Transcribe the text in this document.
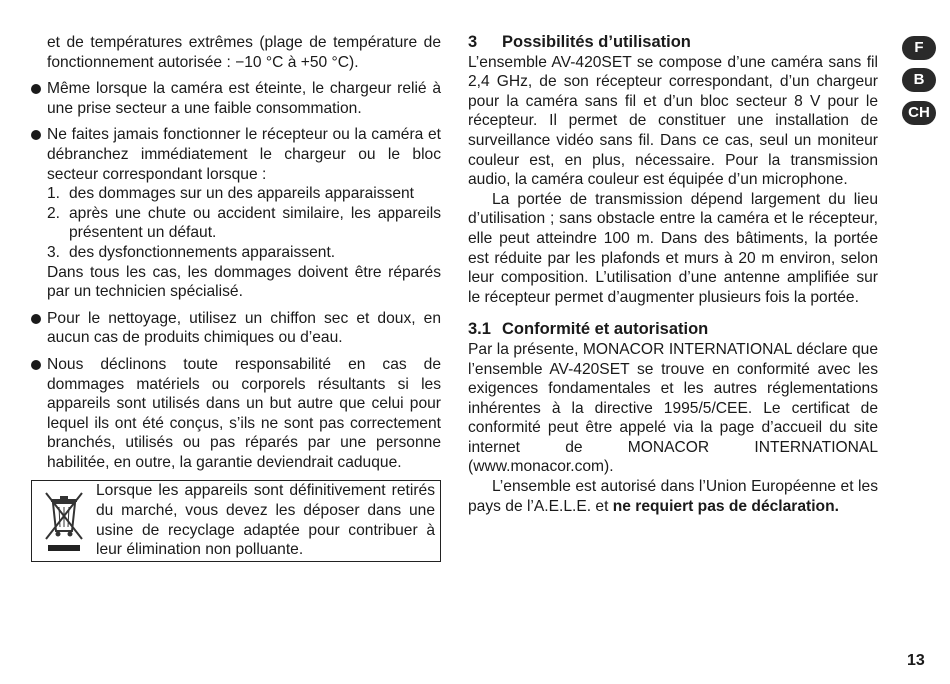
et de températures extrêmes (plage de température de fonctionnement autorisée : −10 °C à +50 °C).

Même lorsque la caméra est éteinte, le chargeur relié à une prise secteur a une faible consommation.

Ne faites jamais fonctionner le récepteur ou la caméra et débranchez immédiatement le chargeur ou le bloc secteur correspondant lorsque :

1. des dommages sur un des appareils apparaissent

2. après une chute ou accident similaire, les appareils présentent un défaut.

3. des dysfonctionnements apparaissent.

Dans tous les cas, les dommages doivent être réparés par un technicien spécialisé.

Pour le nettoyage, utilisez un chiffon sec et doux, en aucun cas de produits chimiques ou d’eau.

Nous déclinons toute responsabilité en cas de dommages matériels ou corporels résultants si les appareils sont utilisés dans un but autre que celui pour lequel ils ont été conçus, s’ils ne sont pas correctement branchés, utilisés ou pas réparés par une personne habilitée, en outre, la garantie deviendrait caduque.

Lorsque les appareils sont définitivement retirés du marché, vous devez les déposer dans une usine de recyclage adaptée pour contribuer à leur élimination non polluante.

3 Possibilités d’utilisation

L’ensemble AV-420SET se compose d’une caméra sans fil 2,4 GHz, de son récepteur correspondant, d’un chargeur pour la caméra sans fil et d’un bloc secteur 8 V pour le récepteur. Il permet de constituer une installation de surveillance vidéo sans fil. Dans ce cas, seul un moniteur couleur est, en plus, nécessaire. Pour la transmission audio, la caméra couleur est équipée d’un microphone.

La portée de transmission dépend largement du lieu d’utilisation ; sans obstacle entre la caméra et le récepteur, elle peut atteindre 100 m. Dans des bâtiments, la portée est réduite par les plafonds et murs à 20 m environ, selon leur composition. L’utilisation d’une antenne amplifiée sur le récepteur permet d’augmenter plusieurs fois la portée.

3.1 Conformité et autorisation

Par la présente, MONACOR INTERNATIONAL déclare que l’ensemble AV-420SET se trouve en conformité avec les exigences fondamentales et les autres réglementations inhérentes à la directive 1995/5/CEE. Le certificat de conformité peut être appelé via la page d’accueil du site internet de MONACOR INTERNATIONAL (www.monacor.com).

L’ensemble est autorisé dans l’Union Européenne et les pays de l’A.E.L.E. et ne requiert pas de déclaration.

F
B
CH
13
